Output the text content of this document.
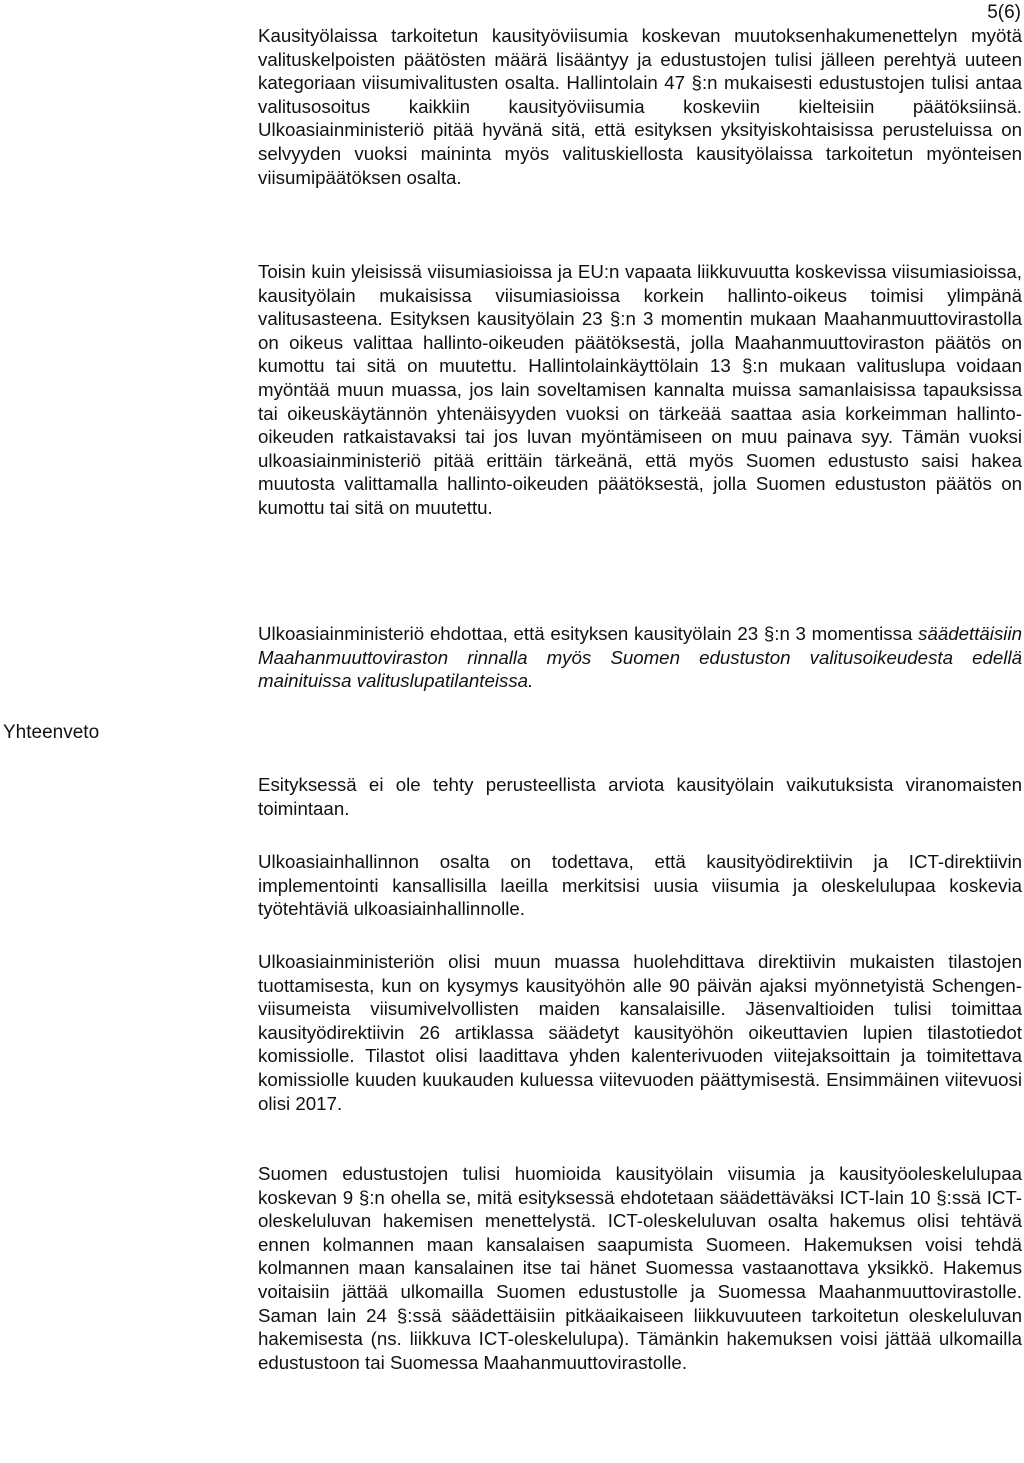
5(6)
Yhteenveto

Kausityölaissa tarkoitetun kausityöviisumia koskevan muutoksenhakumenettelyn myötä valituskelpoisten päätösten määrä lisääntyy ja edustustojen tulisi jälleen perehtyä uuteen kategoriaan viisumivalitusten osalta. Hallintolain 47 §:n mukaisesti edustustojen tulisi antaa valitusosoitus kaikkiin kausityöviisumia koskeviin kielteisiin päätöksiinsä. Ulkoasiainministeriö pitää hyvänä sitä, että esityksen yksityiskohtaisissa perusteluissa on selvyyden vuoksi maininta myös valituskiellosta kausityölaissa tarkoitetun myönteisen viisumipäätöksen osalta.

Toisin kuin yleisissä viisumiasioissa ja EU:n vapaata liikkuvuutta koskevissa viisumiasioissa, kausityölain mukaisissa viisumiasioissa korkein hallinto-oikeus toimisi ylimpänä valitusasteena. Esityksen kausityölain 23 §:n 3 momentin mukaan Maahanmuuttovirastolla on oikeus valittaa hallinto-oikeuden päätöksestä, jolla Maahanmuuttoviraston päätös on kumottu tai sitä on muutettu. Hallintolainkäyttölain 13 §:n mukaan valituslupa voidaan myöntää muun muassa, jos lain soveltamisen kannalta muissa samanlaisissa tapauksissa tai oikeuskäytännön yhtenäisyyden vuoksi on tärkeää saattaa asia korkeimman hallinto-oikeuden ratkaistavaksi tai jos luvan myöntämiseen on muu painava syy. Tämän vuoksi ulkoasiainministeriö pitää erittäin tärkeänä, että myös Suomen edustusto saisi hakea muutosta valittamalla hallinto-oikeuden päätöksestä, jolla Suomen edustuston päätös on kumottu tai sitä on muutettu.

Ulkoasiainministeriö ehdottaa, että esityksen kausityölain 23 §:n 3 momentissa säädettäisiin Maahanmuuttoviraston rinnalla myös Suomen edustuston valitusoikeudesta edellä mainituissa valituslupatilanteissa.

Esityksessä ei ole tehty perusteellista arviota kausityölain vaikutuksista viranomaisten toimintaan.

Ulkoasiainhallinnon osalta on todettava, että kausityödirektiivin ja ICT-direktiivin implementointi kansallisilla laeilla merkitsisi uusia viisumia ja oleskelulupaa koskevia työtehtäviä ulkoasiainhallinnolle.

Ulkoasiainministeriön olisi muun muassa huolehdittava direktiivin mukaisten tilastojen tuottamisesta, kun on kysymys kausityöhön alle 90 päivän ajaksi myönnetyistä Schengen-viisumeista viisumivelvollisten maiden kansalaisille. Jäsenvaltioiden tulisi toimittaa kausityödirektiivin 26 artiklassa säädetyt kausityöhön oikeuttavien lupien tilastotiedot komissiolle. Tilastot olisi laadittava yhden kalenterivuoden viitejaksoittain ja toimitettava komissiolle kuuden kuukauden kuluessa viitevuoden päättymisestä. Ensimmäinen viitevuosi olisi 2017.

Suomen edustustojen tulisi huomioida kausityölain viisumia ja kausityöoleskelulupaa koskevan 9 §:n ohella se, mitä esityksessä ehdotetaan säädettäväksi ICT-lain 10 §:ssä ICT-oleskeluluvan hakemisen menettelystä. ICT-oleskeluluvan osalta hakemus olisi tehtävä ennen kolmannen maan kansalaisen saapumista Suomeen. Hakemuksen voisi tehdä kolmannen maan kansalainen itse tai hänet Suomessa vastaanottava yksikkö. Hakemus voitaisiin jättää ulkomailla Suomen edustustolle ja Suomessa Maahanmuuttovirastolle. Saman lain 24 §:ssä säädettäisiin pitkäaikaiseen liikkuvuuteen tarkoitetun oleskeluluvan hakemisesta (ns. liikkuva ICT-oleskelulupa). Tämänkin hakemuksen voisi jättää ulkomailla edustustoon tai Suomessa Maahanmuuttovirastolle.
